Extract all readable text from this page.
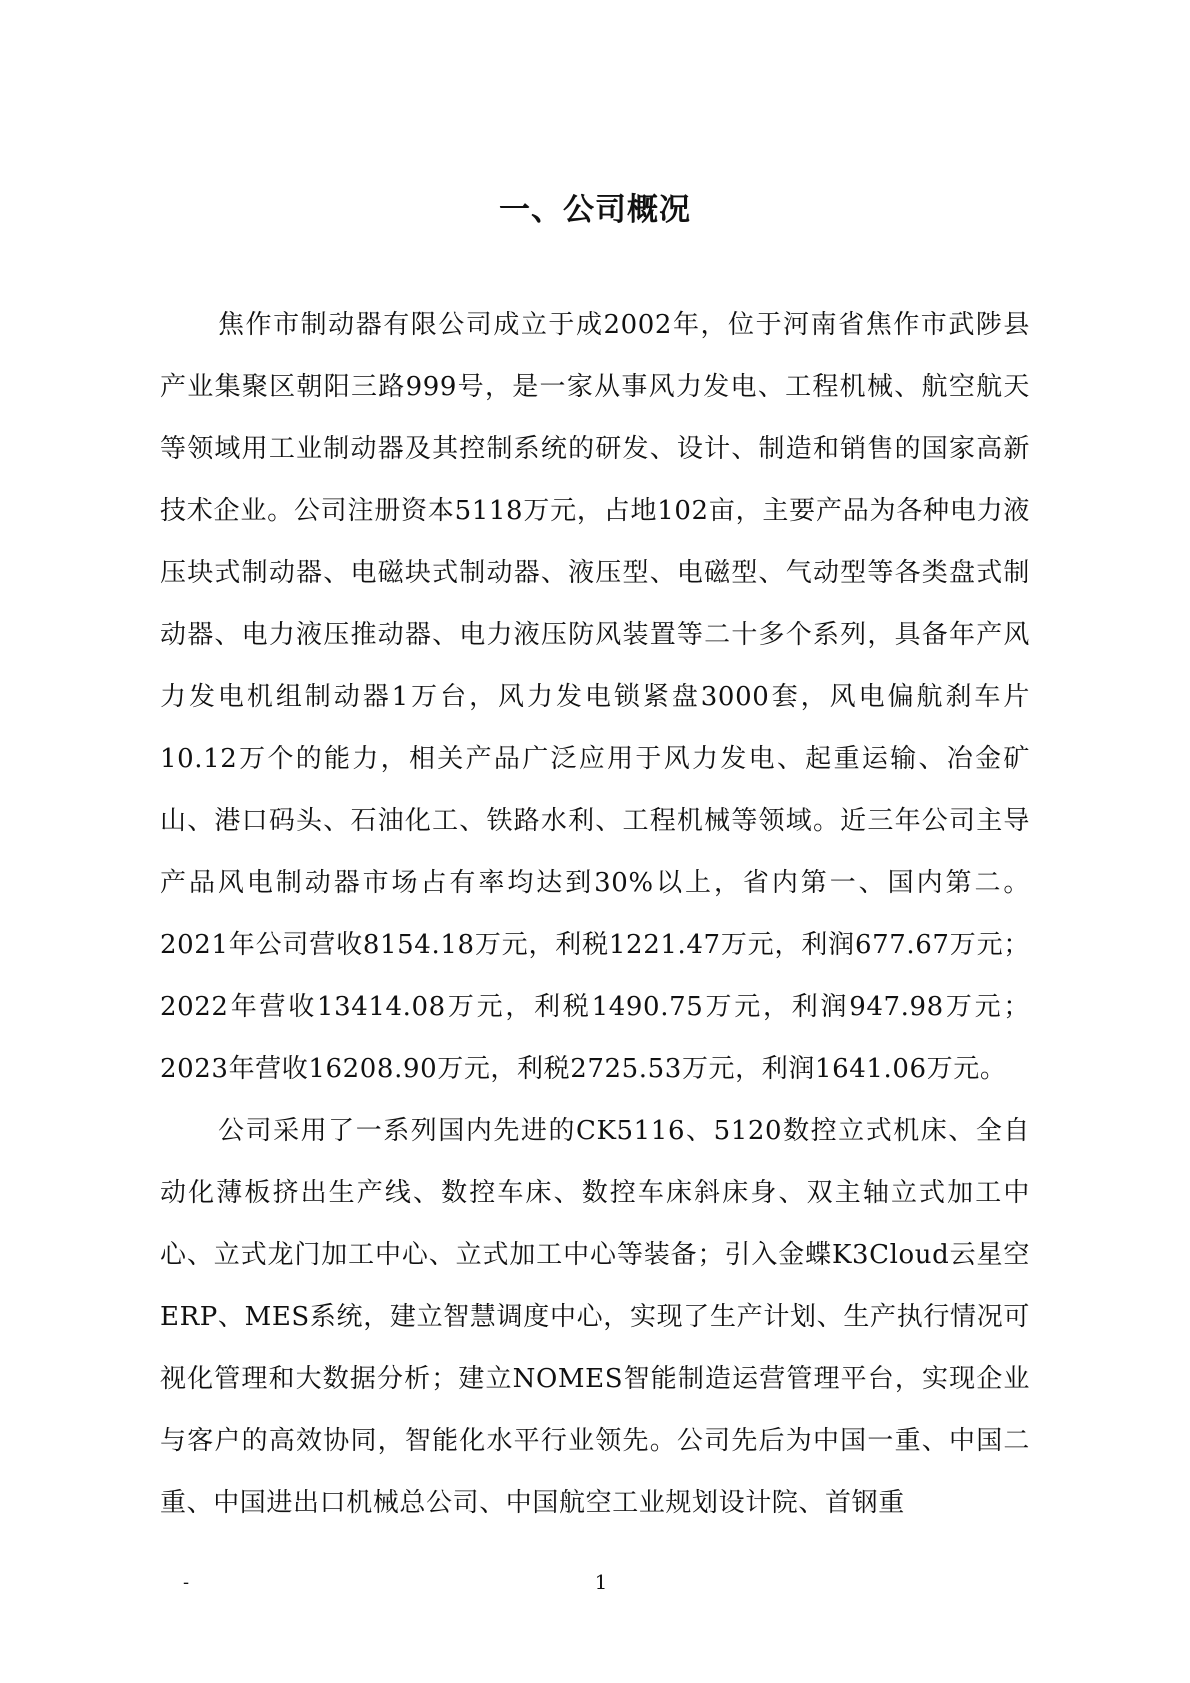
一、公司概况

焦作市制动器有限公司成立于成2002年，位于河南省焦作市武陟县产业集聚区朝阳三路999号，是一家从事风力发电、工程机械、航空航天等领域用工业制动器及其控制系统的研发、设计、制造和销售的国家高新技术企业。公司注册资本5118万元，占地102亩，主要产品为各种电力液压块式制动器、电磁块式制动器、液压型、电磁型、气动型等各类盘式制动器、电力液压推动器、电力液压防风装置等二十多个系列，具备年产风力发电机组制动器1万台，风力发电锁紧盘3000套，风电偏航刹车片10.12万个的能力，相关产品广泛应用于风力发电、起重运输、冶金矿山、港口码头、石油化工、铁路水利、工程机械等领域。近三年公司主导产品风电制动器市场占有率均达到30%以上，省内第一、国内第二。2021年公司营收8154.18万元，利税1221.47万元，利润677.67万元；2022年营收13414.08万元，利税1490.75万元，利润947.98万元；2023年营收16208.90万元，利税2725.53万元，利润1641.06万元。

公司采用了一系列国内先进的CK5116、5120数控立式机床、全自动化薄板挤出生产线、数控车床、数控车床斜床身、双主轴立式加工中心、立式龙门加工中心、立式加工中心等装备；引入金蝶K3Cloud云星空ERP、MES系统，建立智慧调度中心，实现了生产计划、生产执行情况可视化管理和大数据分析；建立NOMES智能制造运营管理平台，实现企业与客户的高效协同，智能化水平行业领先。公司先后为中国一重、中国二重、中国进出口机械总公司、中国航空工业规划设计院、首钢重

-	1
